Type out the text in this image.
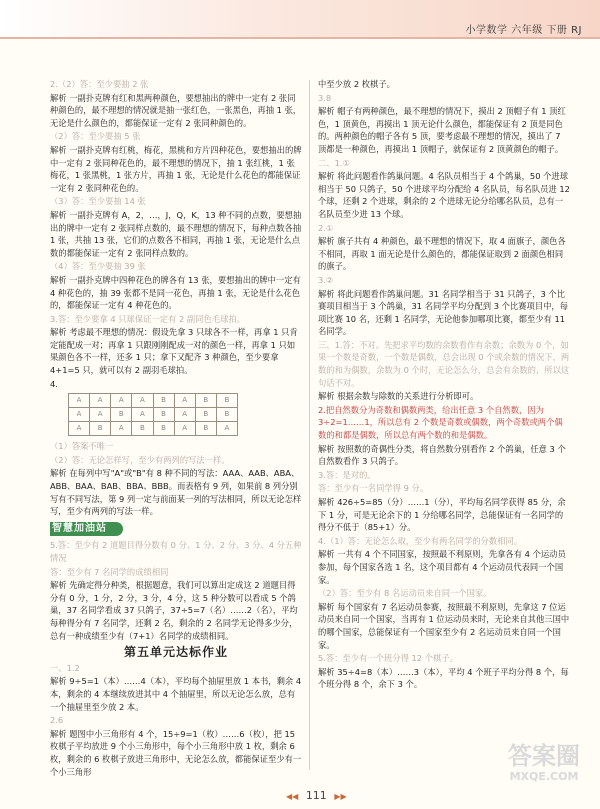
小学数学 六年级 下册 RJ
2.（2）答：至少要抽 2 张
解析 一副扑克牌有红和黑两种颜色，要想抽出的牌中一定有 2 张同种颜色的，最不理想的情况就是抽一张红色，一张黑色，再抽 1 张，无论是什么颜色的，都能保证一定有 2 张同种颜色的。
（2）答：至少要抽 5 张
解析 一副扑克牌有红桃，梅花，黑桃和方片四种花色，要想抽出的牌中一定有 2 张同种花色的，最不理想的情况下，抽 1 张红桃，1 张梅花，1 张黑桃，1 张方片，再抽 1 张，无论是什么花色的都能保证一定有 2 张同种花色的。
（3）答：至少要抽 14 张
解析 一副扑克牌有 A，2，…，J，Q，K，13 种不同的点数，要想抽出的牌中一定有 2 张同样点数的，最不理想的情况下，每种点数各抽 1 张，共抽 13 张，它们的点数各不相同，再抽 1 张，无论是什么点数的都能保证一定有 2 张同样点数的。
（4）答：至少要抽 39 张
解析 一副扑克牌中四种花色的牌各有 13 张，要想抽出的牌中一定有 4 种花色的，抽 39 张都不是同一花色，再抽 1 张，无论是什么花色的，都能保证一定有 4 种花色的。
3.答：至少要拿 4 只球保证一定有 2 副同色毛球拍。
解析 考虑最不理想的情况：假设先拿 3 只球各不一样，再拿 1 只肯定能配成一对；再拿 1 只跟刚刚配成一对的颜色一样，再拿 1 只如果颜色各不一样，还多 1 只；拿下又配齐 3 种颜色，至少要拿 4+1=5 只，就可以有 2 副羽毛球拍。
4.
A	A	A	A	B	A	B	B
A	A	B	A	B	A	B	B
A	B	A	B	B	A	B	A
（1）答案不唯一
（2）答：无论怎样写，至少有两列的写法一样。
解析 在每列中写"A"或"B"有 8 种不同的写法：AAA、AAB、ABA、ABB、BAA、BAB、BBA、BBB。而表格有 9 列，如果前 8 列分别写有不同写法，第 9 列一定与前面某一列的写法相同，所以无论怎样写，至少有两列的写法一样。
智慧加油站
5.答：至少有 2 道题目得分数有 0 分、1 分、2 分、3 分、4 分五种情况
答：至少有 7 名同学的成绩相同
解析 先确定得分种类，根据题意，我们可以算出定成这 2 道题目得分有 0 分，1 分，2 分，3 分，4 分，这 5 种分数可以看成 5 个鸽巢，37 名同学看成 37 只鸽子，37÷5=7（名）……2（名），平均每种得分有 7 名同学，还剩 2 名，剩余的 2 名同学无论得多少分，总有一种成绩至少有（7+1）名同学的成绩相同。
第五单元达标作业
一、1.2
解析 9÷5=1（本）……4（本），平均每个抽屉里放 1 本书，剩余 4 本，剩余的 4 本继续放进其中 4 个抽屉里，所以无论怎么放，总有一个抽屉里至少放 2 本。
2.6
解析 题图中小三角形有 4 个，15÷9=1（枚）……6（枚），把 15 枚棋子平均放进 9 个小三角形中，每个小三角形中放 1 枚，剩余 6 枚，剩余的 6 枚棋子放进三角形中，无论怎么放，都能保证至少有一个小三角形
中至少放 2 枚棋子。
3.8
解析 帽子有两种颜色，最不理想的情况下，摸出 2 顶帽子有 1 顶红色，1 顶黄色，再摸出 1 顶无论什么颜色，都能保证有 2 顶是同色的。两种颜色的帽子各有 5 顶，要考虑最不理想的情况，摸出了 7 顶都是一种颜色，再摸出 1 顶帽子，就保证有 2 顶黄颜色的帽子。
二、1.①
解析 将此问题看作鸽巢问题。4 名队员相当于 4 个鸽巢，50 个进球相当于 50 只鸽子，50 个进球平均分配给 4 名队员，每名队员进 12 个球，还剩 2 个进球，剩余的 2 个进球无论分给哪名队员，总有一名队员至少进 13 个球。
2.①
解析 旗子共有 4 种颜色，最不理想的情况下，取 4 面旗子，颜色各不相同，再取 1 面无论是什么颜色的，都能保证取到 2 面颜色相同的旗子。
3.②
解析 将此问题看作鸽巢问题。31 名同学相当于 31 只鸽子，3 个比赛项目相当于 3 个鸽巢，31 名同学平均分配到 3 个比赛项目中，每项比赛 10 名，还剩 1 名同学，无论他参加哪项比赛，都至少有 11 名同学。
三、1.答：不对。先把求平均数的余数看作有余数；余数为 0 个，如果一个数是奇数，一个数是偶数，总会出现 0 个或余数的情况下，两数的和为偶数，余数为 0 个时，无论怎么分，总会有余数的，所以这句话不对。
解析 根据余数与除数的关系进行分析即可。
2.把自然数分为奇数和偶数两类，给出任意 3 个自然数，因为 3÷2=1……1，所以总有 2 个数是奇数或偶数，两个奇数或两个偶数的和都是偶数，所以总有两个数的和是偶数。
解析 按照数的奇偶性分类，将自然数分别看作 2 个鸽巢，任意 3 个自然数看作 3 只鸽子。
3.答：是对的。
答：至少有一名同学得 9 分。
解析 426÷5=85（分）……1（分），平均每名同学获得 85 分，余下 1 分，可是无论余下的 1 分给哪名同学，总能保证有一名同学的得分不低于（85+1）分。
4.（1）答：无论怎么取，至少有两名同学的分数相同。
解析 一共有 4 个不同国家，按照最不利原则，先拿各有 4 个运动员参加，每个国家各选 1 名，这个项目都有 4 个运动员代表同一个国家。
（2）答：至少有 8 名运动员来自同一个国家。
解析 每个国家有 7 名运动员参赛，按照最不利原则，先拿这 7 位运动员来自同一个国家，当再有 1 位运动员来时，无论来自其他三国中的哪个国家，总能保证有一个国家至少有 2 名运动员来自同一个国家。
5.答：至少有一个班分得 12 个棋子。
解析 35÷4=8（本）……3（本），平均 4 个班子平均分得 8 个，每个班分得 8 个，余下 3 个。
◀◀ 111 ▶▶
答案圈
MXQE.COM
